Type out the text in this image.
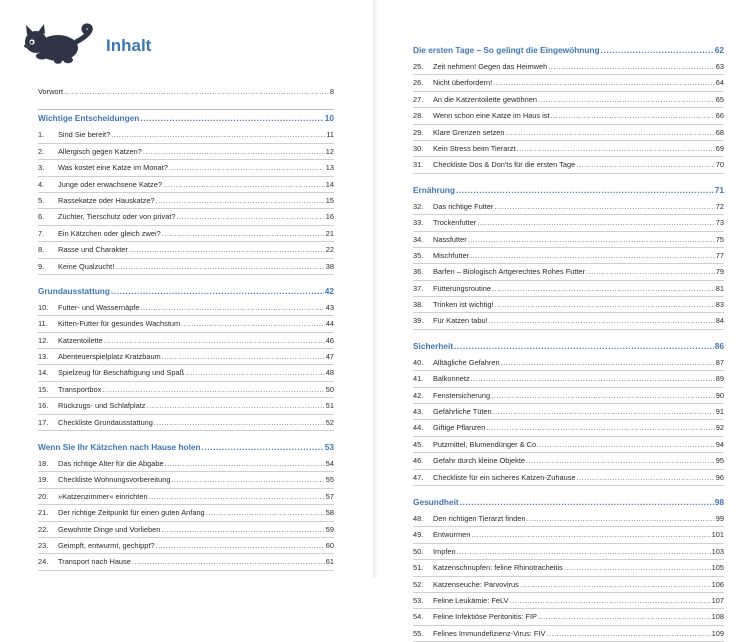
Inhalt
Vorwort .....	8
Wichtige Entscheidungen .....	10
1.	Sind Sie bereit? .....	11
2.	Allergisch gegen Katzen? .....	12
3.	Was kostet eine Katze im Monat? .....	13
4.	Junge oder erwachsene Katze? .....	14
5.	Rassekatze oder Hauskatze? .....	15
6.	Züchter, Tierschutz oder von privat? .....	16
7.	Ein Kätzchen oder gleich zwei? .....	21
8.	Rasse und Charakter .....	22
9.	Keine Qualzucht! .....	38
Grundausstattung .....	42
10.	Futter- und Wassernäpfe .....	43
11.	Kitten-Futter für gesundes Wachstum .....	44
12.	Katzentoilette .....	46
13.	Abenteuerspielplatz Kratzbaum .....	47
14.	Spielzeug für Beschäftigung und Spaß .....	48
15.	Transportbox .....	50
16.	Rückzugs- und Schlafplatz .....	51
17.	Checkliste Grundausstattung .....	52
Wenn Sie Ihr Kätzchen nach Hause holen .....	53
18.	Das richtige Alter für die Abgabe .....	54
19.	Checkliste Wohnungsvorbereitung .....	55
20.	»Katzenzimmer« einrichten .....	57
21.	Der richtige Zeitpunkt für einen guten Anfang .....	58
22.	Gewohnte Dinge und Vorlieben .....	59
23.	Geimpft, entwurmt, gechippt? .....	60
24.	Transport nach Hause .....	61
Die ersten Tage – So gelingt die Eingewöhnung .....	62
25.	Zeit nehmen! Gegen das Heimweh .....	63
26.	Nicht überfordern! .....	64
27.	An die Katzentoilette gewöhnen .....	65
28.	Wenn schon eine Katze im Haus ist .....	66
29.	Klare Grenzen setzen .....	68
30.	Kein Stress beim Tierarzt .....	69
31.	Checkliste Dos & Don'ts für die ersten Tage .....	70
Ernährung .....	71
32.	Das richtige Futter .....	72
33.	Trockenfutter .....	73
34.	Nassfutter .....	75
35.	Mischfutter .....	77
36.	Barfen – Biologisch Artgerechtes Rohes Futter .....	79
37.	Fütterungsroutine .....	81
38.	Trinken ist wichtig! .....	83
39.	Für Katzen tabu! .....	84
Sicherheit .....	86
40.	Alltägliche Gefahren .....	87
41.	Balkonnetz .....	89
42.	Fenstersicherung .....	90
43.	Gefährliche Tüten .....	91
44.	Giftige Pflanzen .....	92
45.	Putzmittel, Blumendünger & Co. .....	94
46.	Gefahr durch kleine Objekte .....	95
47.	Checkliste für ein sicheres Katzen-Zuhause .....	96
Gesundheit .....	98
48.	Den richtigen Tierarzt finden .....	99
49.	Entwurmen .....	101
50.	Impfen .....	103
51.	Katzenschnupfen: feline Rhinotracheitis .....	105
52.	Katzenseuche: Parvovirus .....	106
53.	Feline Leukämie: FeLV .....	107
54.	Feline Infektiöse Peritonitis: FIP .....	108
55.	Felines Immundefizienz-Virus: FIV .....	109
